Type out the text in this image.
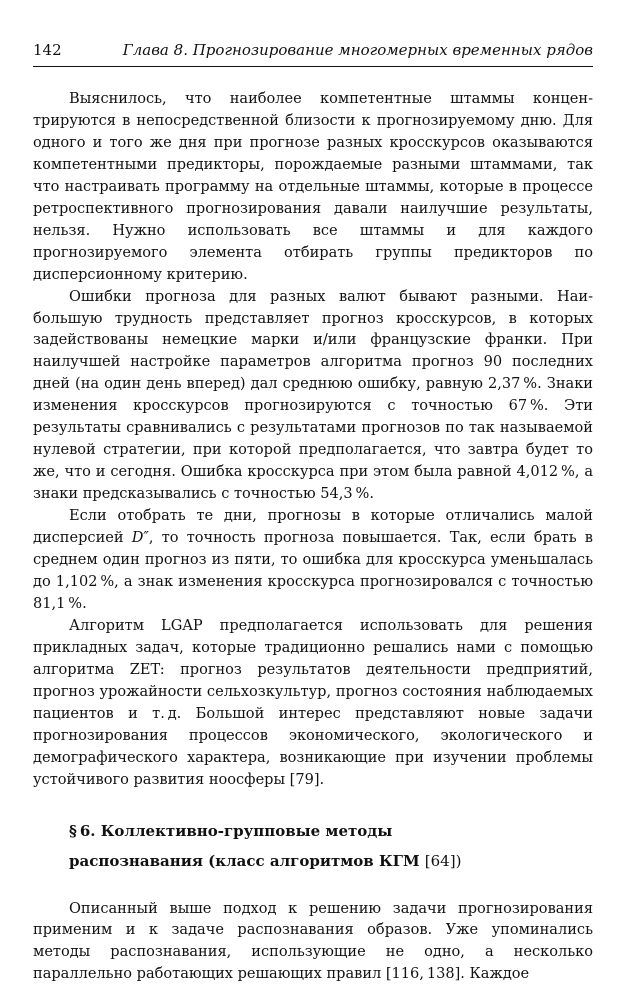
142	Глава 8. Прогнозирование многомерных временных рядов

Выяснилось, что наиболее компетентные штаммы концентрируются в непосредственной близости к прогнозируемому дню. Для одного и того же дня при прогнозе разных кросскурсов оказываются компетентными предикторы, порождаемые разными штаммами, так что настраивать программу на отдельные штаммы, которые в процессе ретроспективного прогнозирования давали наилучшие результаты, нельзя. Нужно использовать все штаммы и для каждого прогнозируемого элемента отбирать группы предикторов по дисперсионному критерию.

Ошибки прогноза для разных валют бывают разными. Наибольшую трудность представляет прогноз кросскурсов, в которых задействованы немецкие марки и/или французские франки. При наилучшей настройке параметров алгоритма прогноз 90 последних дней (на один день вперед) дал среднюю ошибку, равную 2,37 %. Знаки изменения кросскурсов прогнозируются с точностью 67 %. Эти результаты сравнивались с результатами прогнозов по так называемой нулевой стратегии, при которой предполагается, что завтра будет то же, что и сегодня. Ошибка кросскурса при этом была равной 4,012 %, а знаки предсказывались с точностью 54,3 %.

Если отобрать те дни, прогнозы в которые отличались малой дисперсией D″, то точность прогноза повышается. Так, если брать в среднем один прогноз из пяти, то ошибка для кросскурса уменьшалась до 1,102 %, а знак изменения кросскурса прогнозировался с точностью 81,1 %.

Алгоритм LGAP предполагается использовать для решения прикладных задач, которые традиционно решались нами с помощью алгоритма ZET: прогноз результатов деятельности предприятий, прогноз урожайности сельхозкультур, прогноз состояния наблюдаемых пациентов и т. д. Большой интерес представляют новые задачи прогнозирования процессов экономического, экологического и демографического характера, возникающие при изучении проблемы устойчивого развития ноосферы [79].

§ 6. Коллективно-групповые методы
распознавания (класс алгоритмов КГМ [64])

Описанный выше подход к решению задачи прогнозирования применим и к задаче распознавания образов. Уже упоминались методы распознавания, использующие не одно, а несколько параллельно работающих решающих правил [116, 138]. Каждое
